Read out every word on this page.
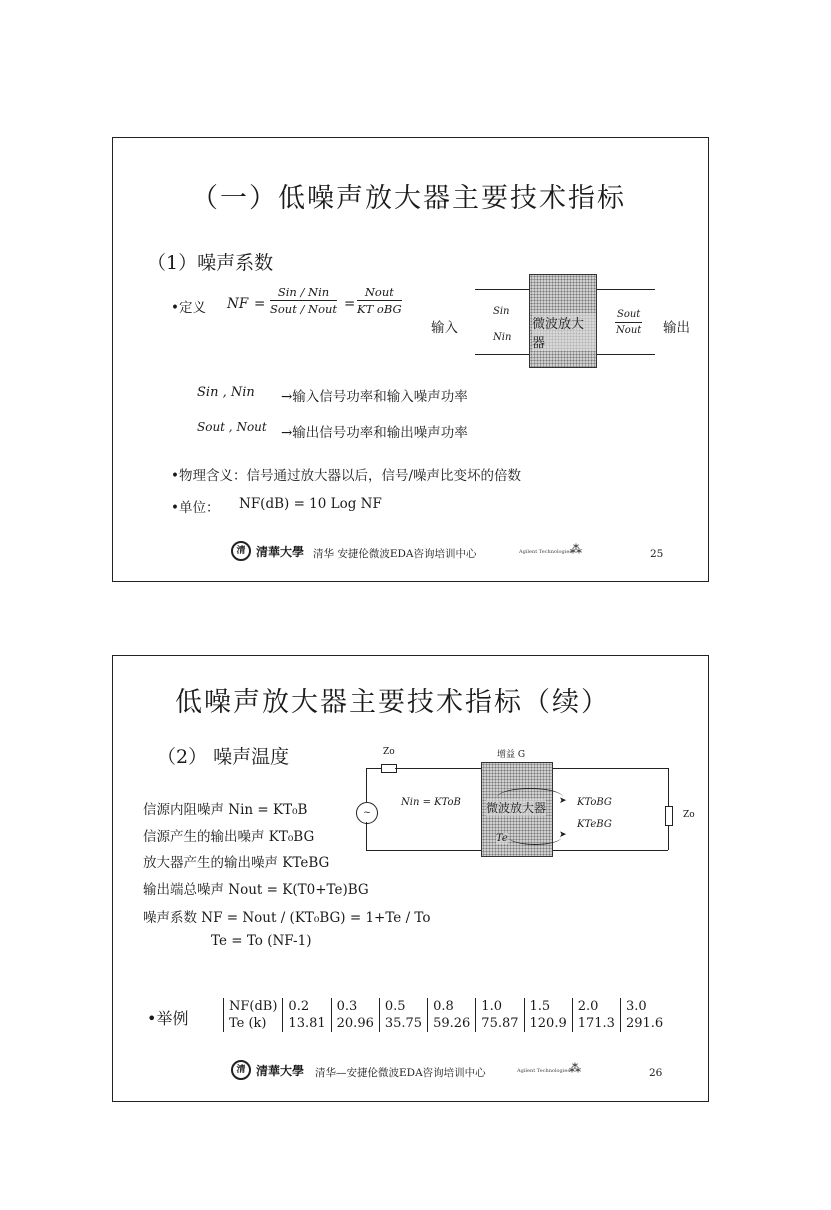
（一）低噪声放大器主要技术指标
（1）噪声系数
•定义 NF =
Sin / Nin
Sout / Nout =
Nout
KT oBG
输入
Sin
Nin
微波放大器
Sout
Nout 输出
Sin , Nin →输入信号功率和输入噪声功率
Sout , Nout →输出信号功率和输出噪声功率
•物理含义：信号通过放大器以后，信号/噪声比变坏的倍数
•单位： NF(dB) = 10 Log NF
清 清華大學 清华 安捷伦微波EDA咨询培训中心	Agilent Technologies
⁂	25
低噪声放大器主要技术指标（续）
（2） 噪声温度	Zo	增益 G
~
Nin = KToB 微波放大器
Te
➤
➤
KToBG
KTeBG
Zo
信源内阻噪声 Nin = KT₀B
信源产生的输出噪声 KT₀BG
放大器产生的输出噪声 KTeBG
输出端总噪声 Nout = K(T0+Te)BG
噪声系数 NF = Nout / (KT₀BG) = 1+Te / To
Te = To (NF-1)
•举例
NF(dB)	0.2	0.3	0.5	0.8	1.0	1.5	2.0	3.0
Te (k)	13.81	20.96	35.75	59.26	75.87	120.9	171.3	291.6
清 清華大學 清华—安捷伦微波EDA咨询培训中心	Agilent Technologies ⁂	26
